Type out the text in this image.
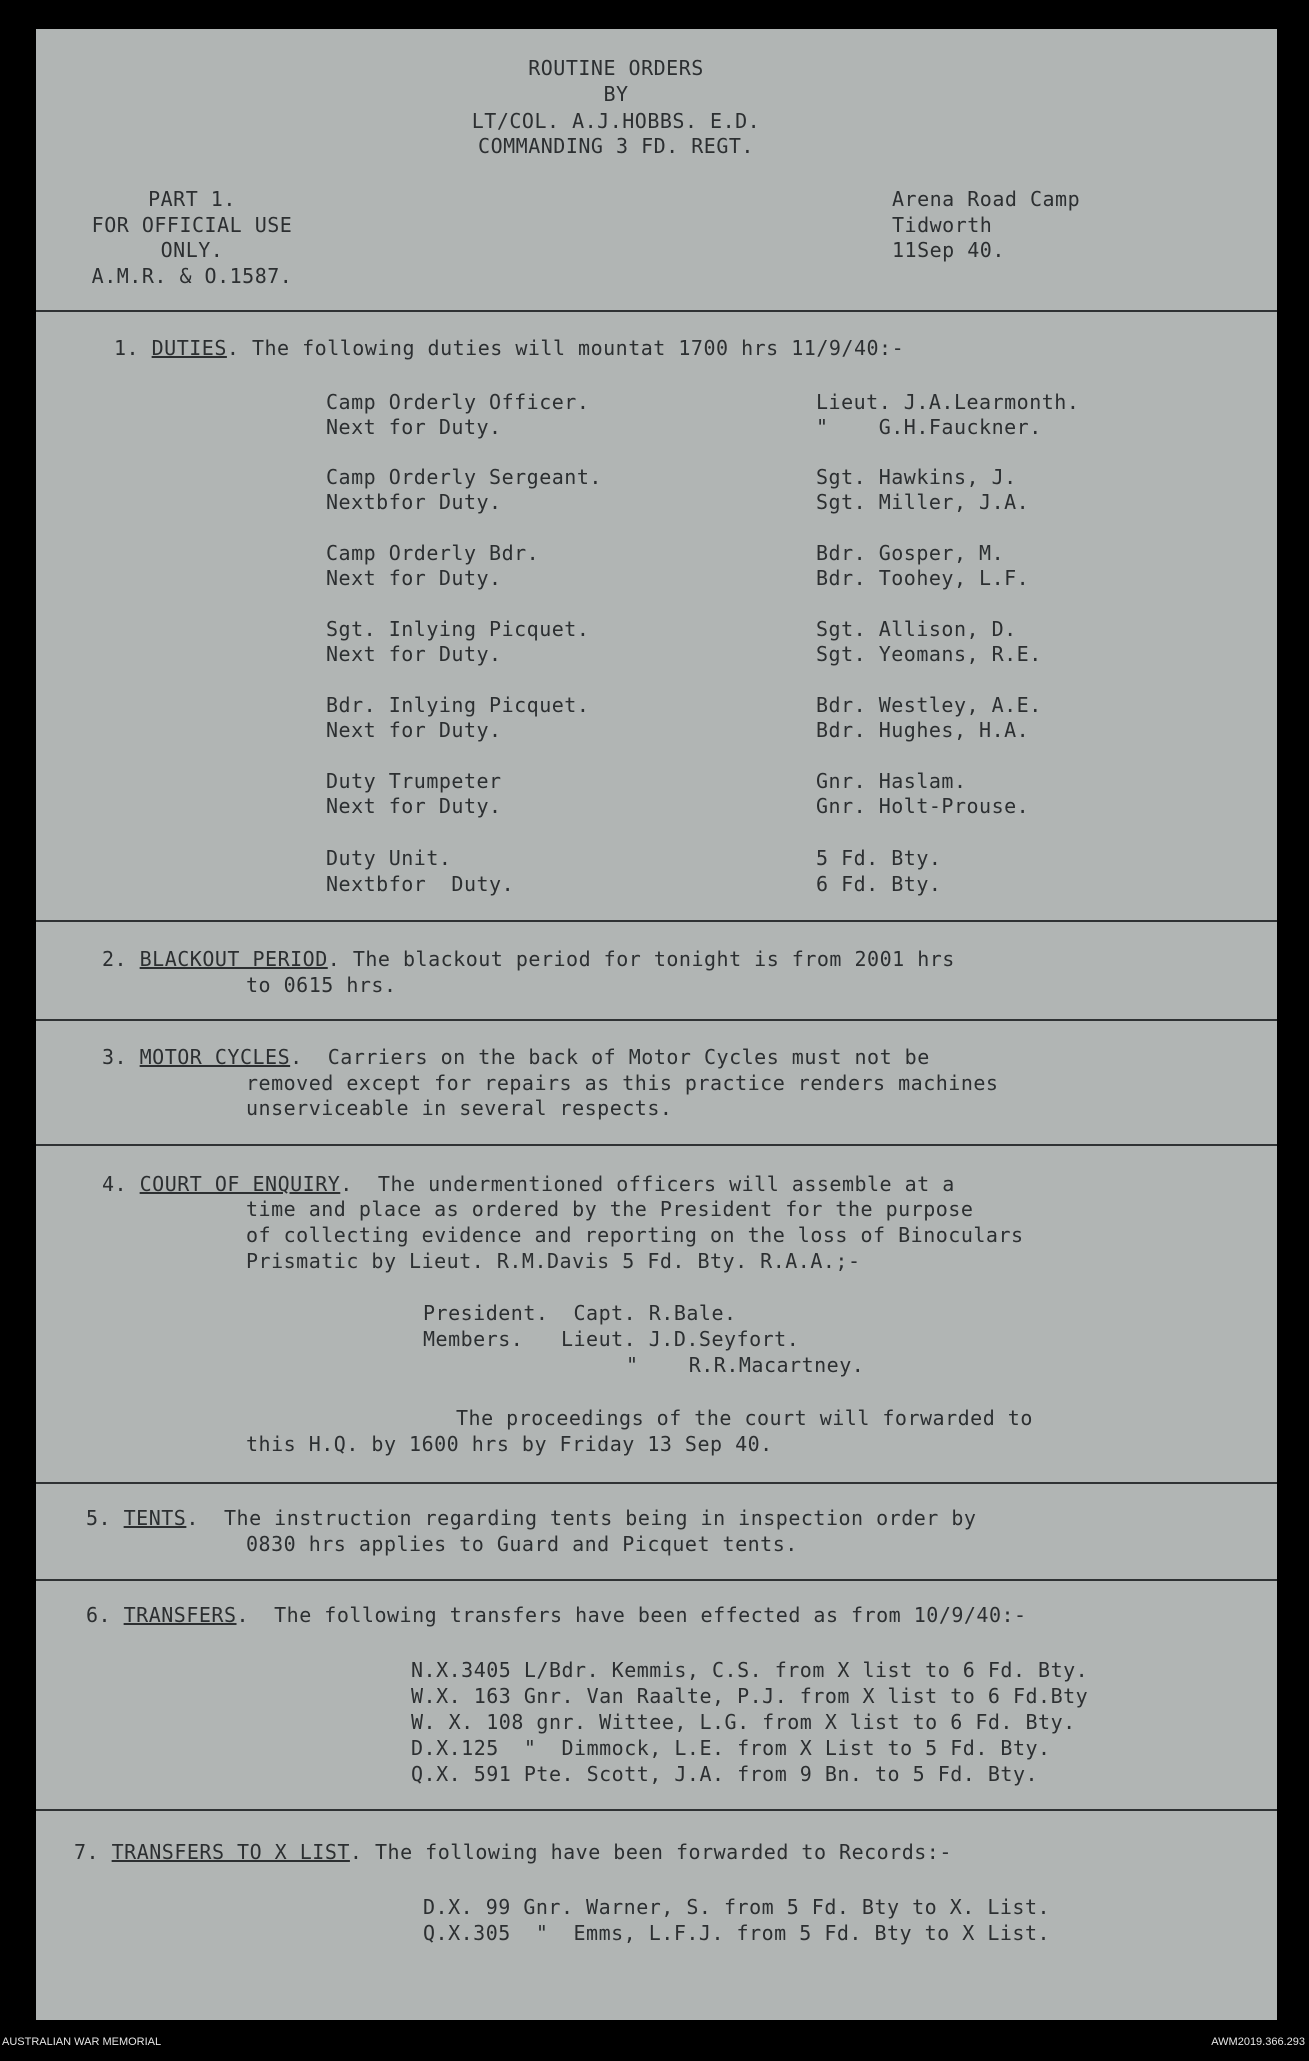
ROUTINE ORDERS
BY
LT/COL. A.J.HOBBS. E.D.
COMMANDING 3 FD. REGT.
PART 1.
FOR OFFICIAL USE
ONLY.
A.M.R. & O.1587.
Arena Road Camp
Tidworth
11Sep 40.
1. DUTIES. The following duties will mountat 1700 hrs 11/9/40:-
Camp Orderly Officer.	Lieut. J.A.Learmonth.
Next for Duty.	"    G.H.Fauckner.
Camp Orderly Sergeant.	Sgt. Hawkins, J.
Nextbfor Duty.	Sgt. Miller, J.A.
Camp Orderly Bdr.	Bdr. Gosper, M.
Next for Duty.	Bdr. Toohey, L.F.
Sgt. Inlying Picquet.	Sgt. Allison, D.
Next for Duty.	Sgt. Yeomans, R.E.
Bdr. Inlying Picquet.	Bdr. Westley, A.E.
Next for Duty.	Bdr. Hughes, H.A.
Duty Trumpeter	Gnr. Haslam.
Next for Duty.	Gnr. Holt-Prouse.
Duty Unit.	5 Fd. Bty.
Nextbfor  Duty.	6 Fd. Bty.
2. BLACKOUT PERIOD. The blackout period for tonight is from 2001 hrs
to 0615 hrs.
3. MOTOR CYCLES.  Carriers on the back of Motor Cycles must not be
removed except for repairs as this practice renders machines
unserviceable in several respects.
4. COURT OF ENQUIRY.  The undermentioned officers will assemble at a
time and place as ordered by the President for the purpose
of collecting evidence and reporting on the loss of Binoculars
Prismatic by Lieut. R.M.Davis 5 Fd. Bty. R.A.A.;-
President.  Capt. R.Bale.
Members.   Lieut. J.D.Seyfort.
"    R.R.Macartney.
The proceedings of the court will forwarded to
this H.Q. by 1600 hrs by Friday 13 Sep 40.
5. TENTS.  The instruction regarding tents being in inspection order by
0830 hrs applies to Guard and Picquet tents.
6. TRANSFERS.  The following transfers have been effected as from 10/9/40:-
N.X.3405 L/Bdr. Kemmis, C.S. from X list to 6 Fd. Bty.
W.X. 163 Gnr. Van Raalte, P.J. from X list to 6 Fd.Bty
W. X. 108 gnr. Wittee, L.G. from X list to 6 Fd. Bty.
D.X.125  "  Dimmock, L.E. from X List to 5 Fd. Bty.
Q.X. 591 Pte. Scott, J.A. from 9 Bn. to 5 Fd. Bty.
7. TRANSFERS TO X LIST. The following have been forwarded to Records:-
D.X. 99 Gnr. Warner, S. from 5 Fd. Bty to X. List.
Q.X.305  "  Emms, L.F.J. from 5 Fd. Bty to X List.
AUSTRALIAN WAR MEMORIAL	AWM2019.366.293
